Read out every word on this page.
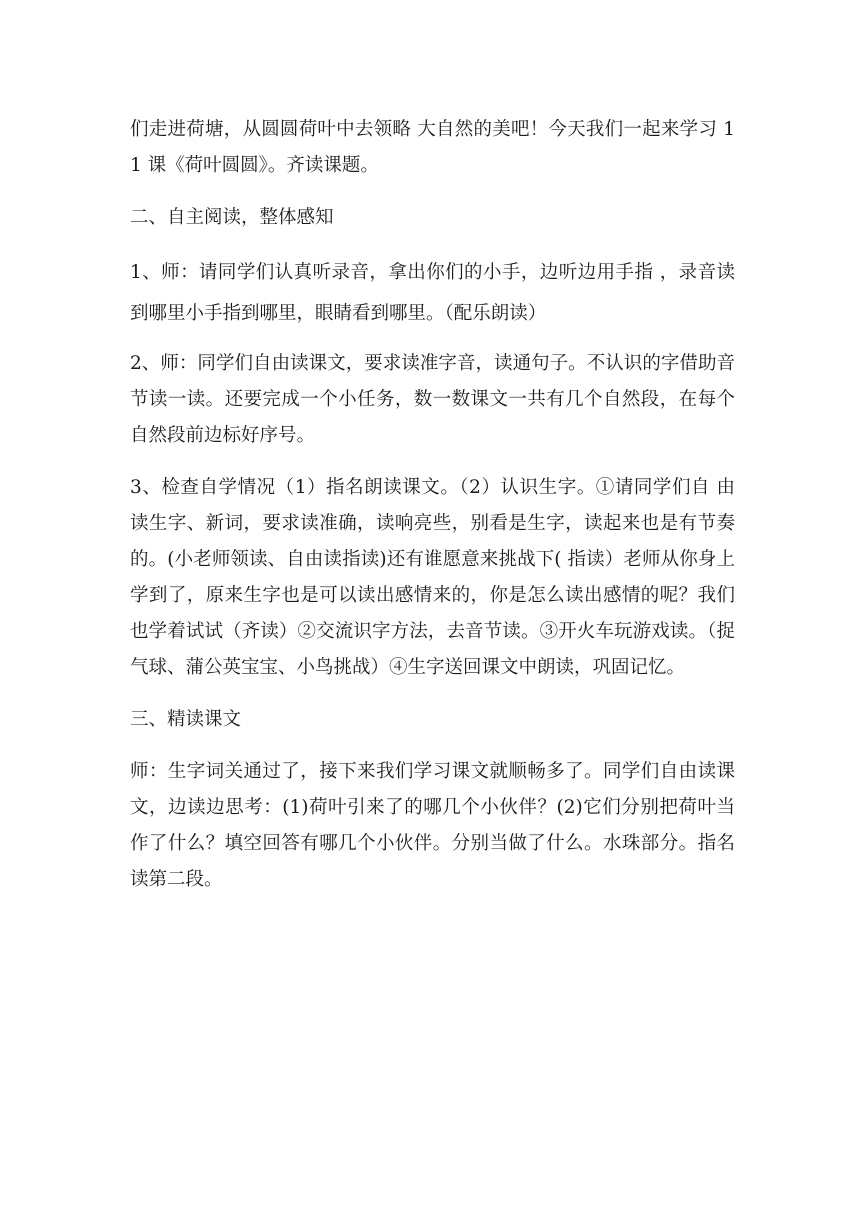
们走进荷塘，从圆圆荷叶中去领略 大自然的美吧！今天我们一起来学习 11 课《荷叶圆圆》。齐读课题。

二、自主阅读，整体感知

1、师：请同学们认真听录音，拿出你们的小手，边听边用手指 ，录音读到哪里小手指到哪里，眼睛看到哪里。（配乐朗读）

2、师：同学们自由读课文，要求读准字音，读通句子。不认识的字借助音节读一读。还要完成一个小任务，数一数课文一共有几个自然段，在每个自然段前边标好序号。

3、检查自学情况（1）指名朗读课文。（2）认识生字。①请同学们自 由读生字、新词，要求读准确，读响亮些，别看是生字，读起来也是有节奏的。(小老师领读、自由读指读)还有谁愿意来挑战下( 指读）老师从你身上学到了，原来生字也是可以读出感情来的，你是怎么读出感情的呢？我们也学着试试（齐读）②交流识字方法，去音节读。③开火车玩游戏读。（捉气球、蒲公英宝宝、小鸟挑战）④生字送回课文中朗读，巩固记忆。

三、精读课文

师：生字词关通过了，接下来我们学习课文就顺畅多了。同学们自由读课文，边读边思考：(1)荷叶引来了的哪几个小伙伴？(2)它们分别把荷叶当作了什么？填空回答有哪几个小伙伴。分别当做了什么。水珠部分。指名读第二段。
